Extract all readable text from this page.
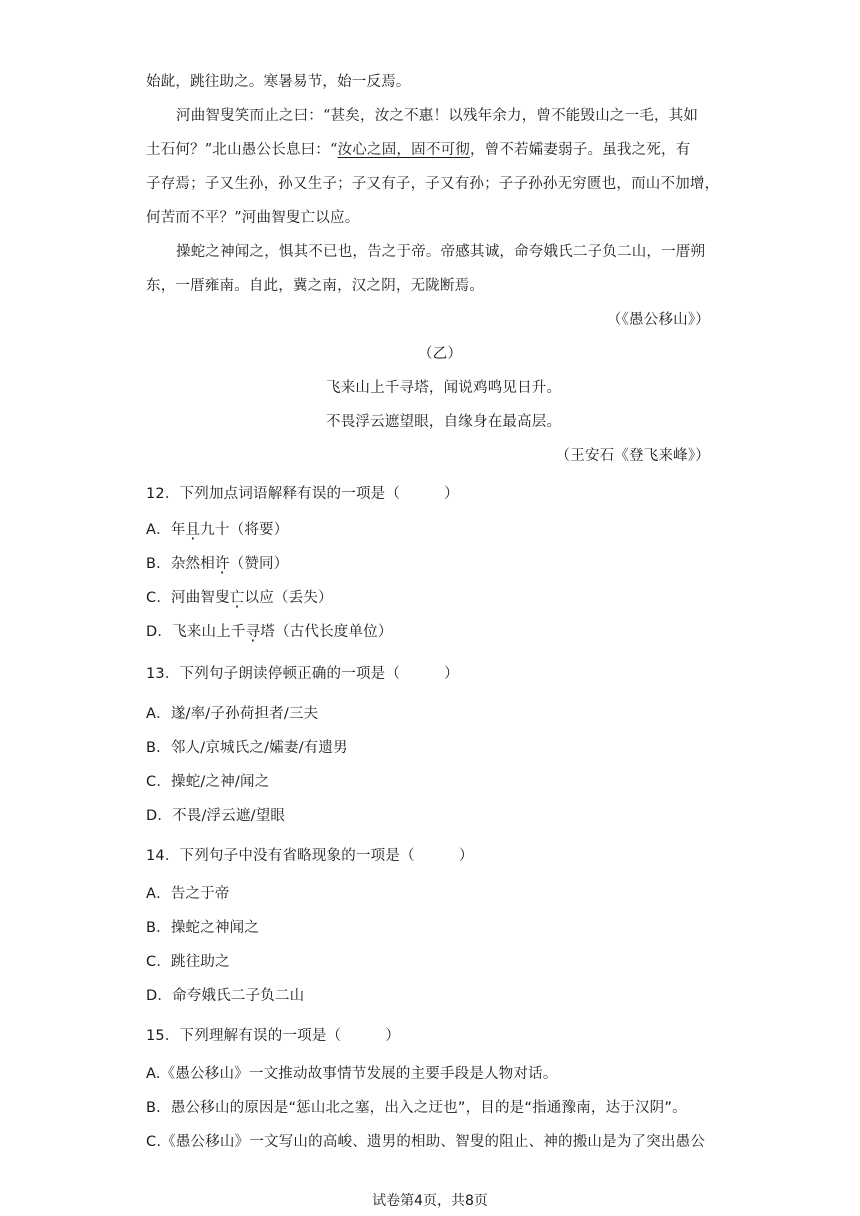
始龀，跳往助之。寒暑易节，始一反焉。
河曲智叟笑而止之曰：“甚矣，汝之不惠！以残年余力，曾不能毁山之一毛，其如
土石何？”北山愚公长息曰：“汝心之固，固不可彻，曾不若孀妻弱子。虽我之死，有
子存焉；子又生孙，孙又生子；子又有子，子又有孙；子子孙孙无穷匮也，而山不加增，
何苦而不平？”河曲智叟亡以应。
操蛇之神闻之，惧其不已也，告之于帝。帝感其诚，命夸娥氏二子负二山，一厝朔
东，一厝雍南。自此，冀之南，汉之阴，无陇断焉。
（《愚公移山》）
（乙）
飞来山上千寻塔，闻说鸡鸣见日升。
不畏浮云遮望眼，自缘身在最高层。
（王安石《登飞来峰》）
12．下列加点词语解释有误的一项是（　　　）
A．年且九十（将要）
B．杂然相许（赞同）
C．河曲智叟亡以应（丢失）
D．飞来山上千寻塔（古代长度单位）
13．下列句子朗读停顿正确的一项是（　　　）
A．遂/率/子孙荷担者/三夫
B．邻人/京城氏之/孀妻/有遗男
C．操蛇/之神/闻之
D．不畏/浮云遮/望眼
14．下列句子中没有省略现象的一项是（　　　）
A．告之于帝
B．操蛇之神闻之
C．跳往助之
D．命夸娥氏二子负二山
15．下列理解有误的一项是（　　　）
A.《愚公移山》一文推动故事情节发展的主要手段是人物对话。
B．愚公移山的原因是“惩山北之塞，出入之迂也”，目的是“指通豫南，达于汉阴”。
C.《愚公移山》一文写山的高峻、遗男的相助、智叟的阻止、神的搬山是为了突出愚公
试卷第4页，共8页
